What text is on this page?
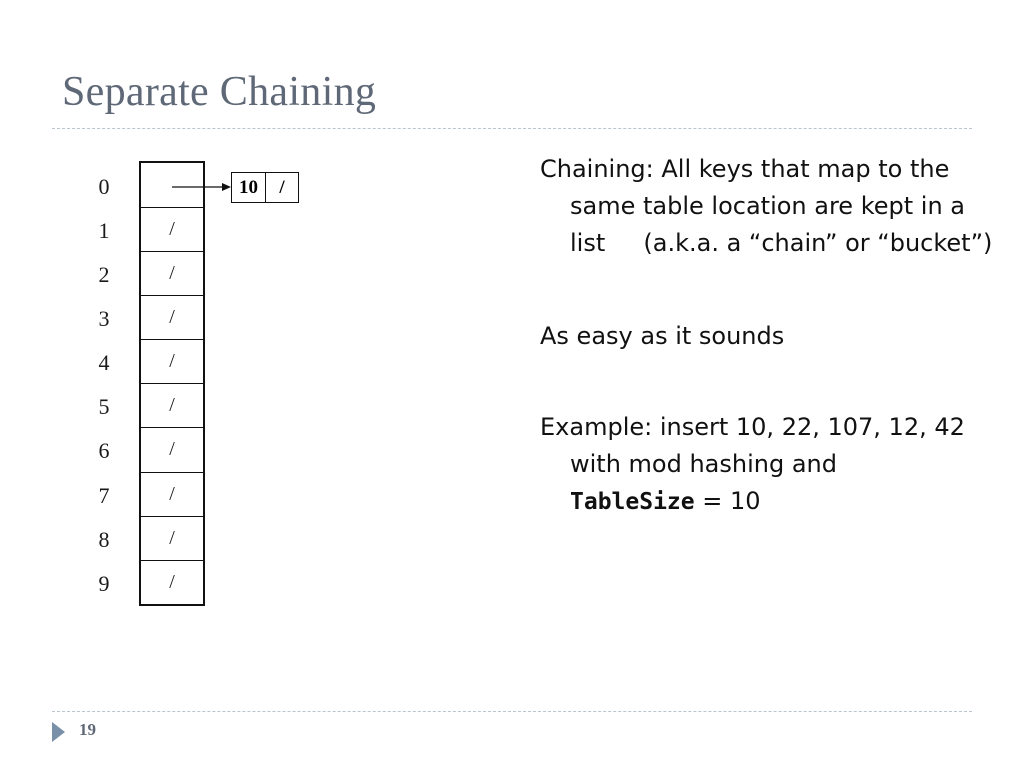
Separate Chaining
0
1
2
3
4
5
6
7
8
9
/
/
/
/
/
/
/
/
/
10	/
Chaining: All keys that map to the
same table location are kept in a
list     (a.k.a. a “chain” or “bucket”)
As easy as it sounds
Example: insert 10, 22, 107, 12, 42
with mod hashing and
TableSize = 10
19
